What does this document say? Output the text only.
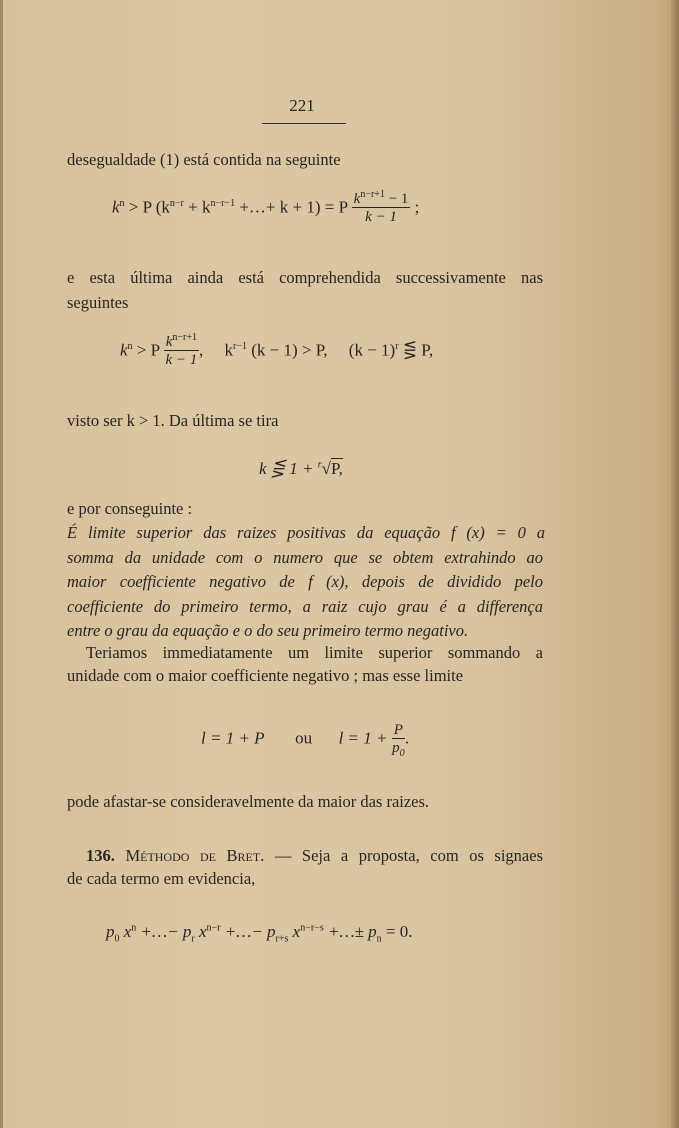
221
desegualdade (1) está contida na seguinte
$k^n > P$ ($k^{n-r} + k^{n-r-1}$ +…+ k + 1) = P $\frac{k^{n-r+1} - 1}{k - 1}$ ;
e esta última ainda está comprehendida successivamente nas
seguintes
$k^n > P \frac{k^{n-r+1}}{k - 1}$ ,     $k^{r-1}$ (k − 1) > P,     $(k - 1)^r$ ⋚ P,
visto ser k > 1. Da última se tira
k ⋚ 1 + $^r$√P,
e por conseguinte :
É limite superior das raizes positivas da equação f (x) = 0 a
somma da unidade com o numero que se obtem extrahindo ao
maior coefficiente negativo de f (x), depois de dividido pelo
coefficiente do primeiro termo, a raiz cujo grau é a differença
entre o grau da equação e o do seu primeiro termo negativo.
Teriamos immediatamente um limite superior sommando a
unidade com o maior coefficiente negativo ; mas esse limite
l = 1 + P ou $l = 1 + \frac{P}{p_0}$ .
pode afastar-se consideravelmente da maior das raizes.
136. Méthodo de Bret. — Seja a proposta, com os signaes
de cada termo em evidencia,
$p_0$ $x^n$ +…− $p_r$ $x^{n-r}$ +…− $p_{r+s}$ $x^{n-r-s}$ +…± $p_n = 0$.
